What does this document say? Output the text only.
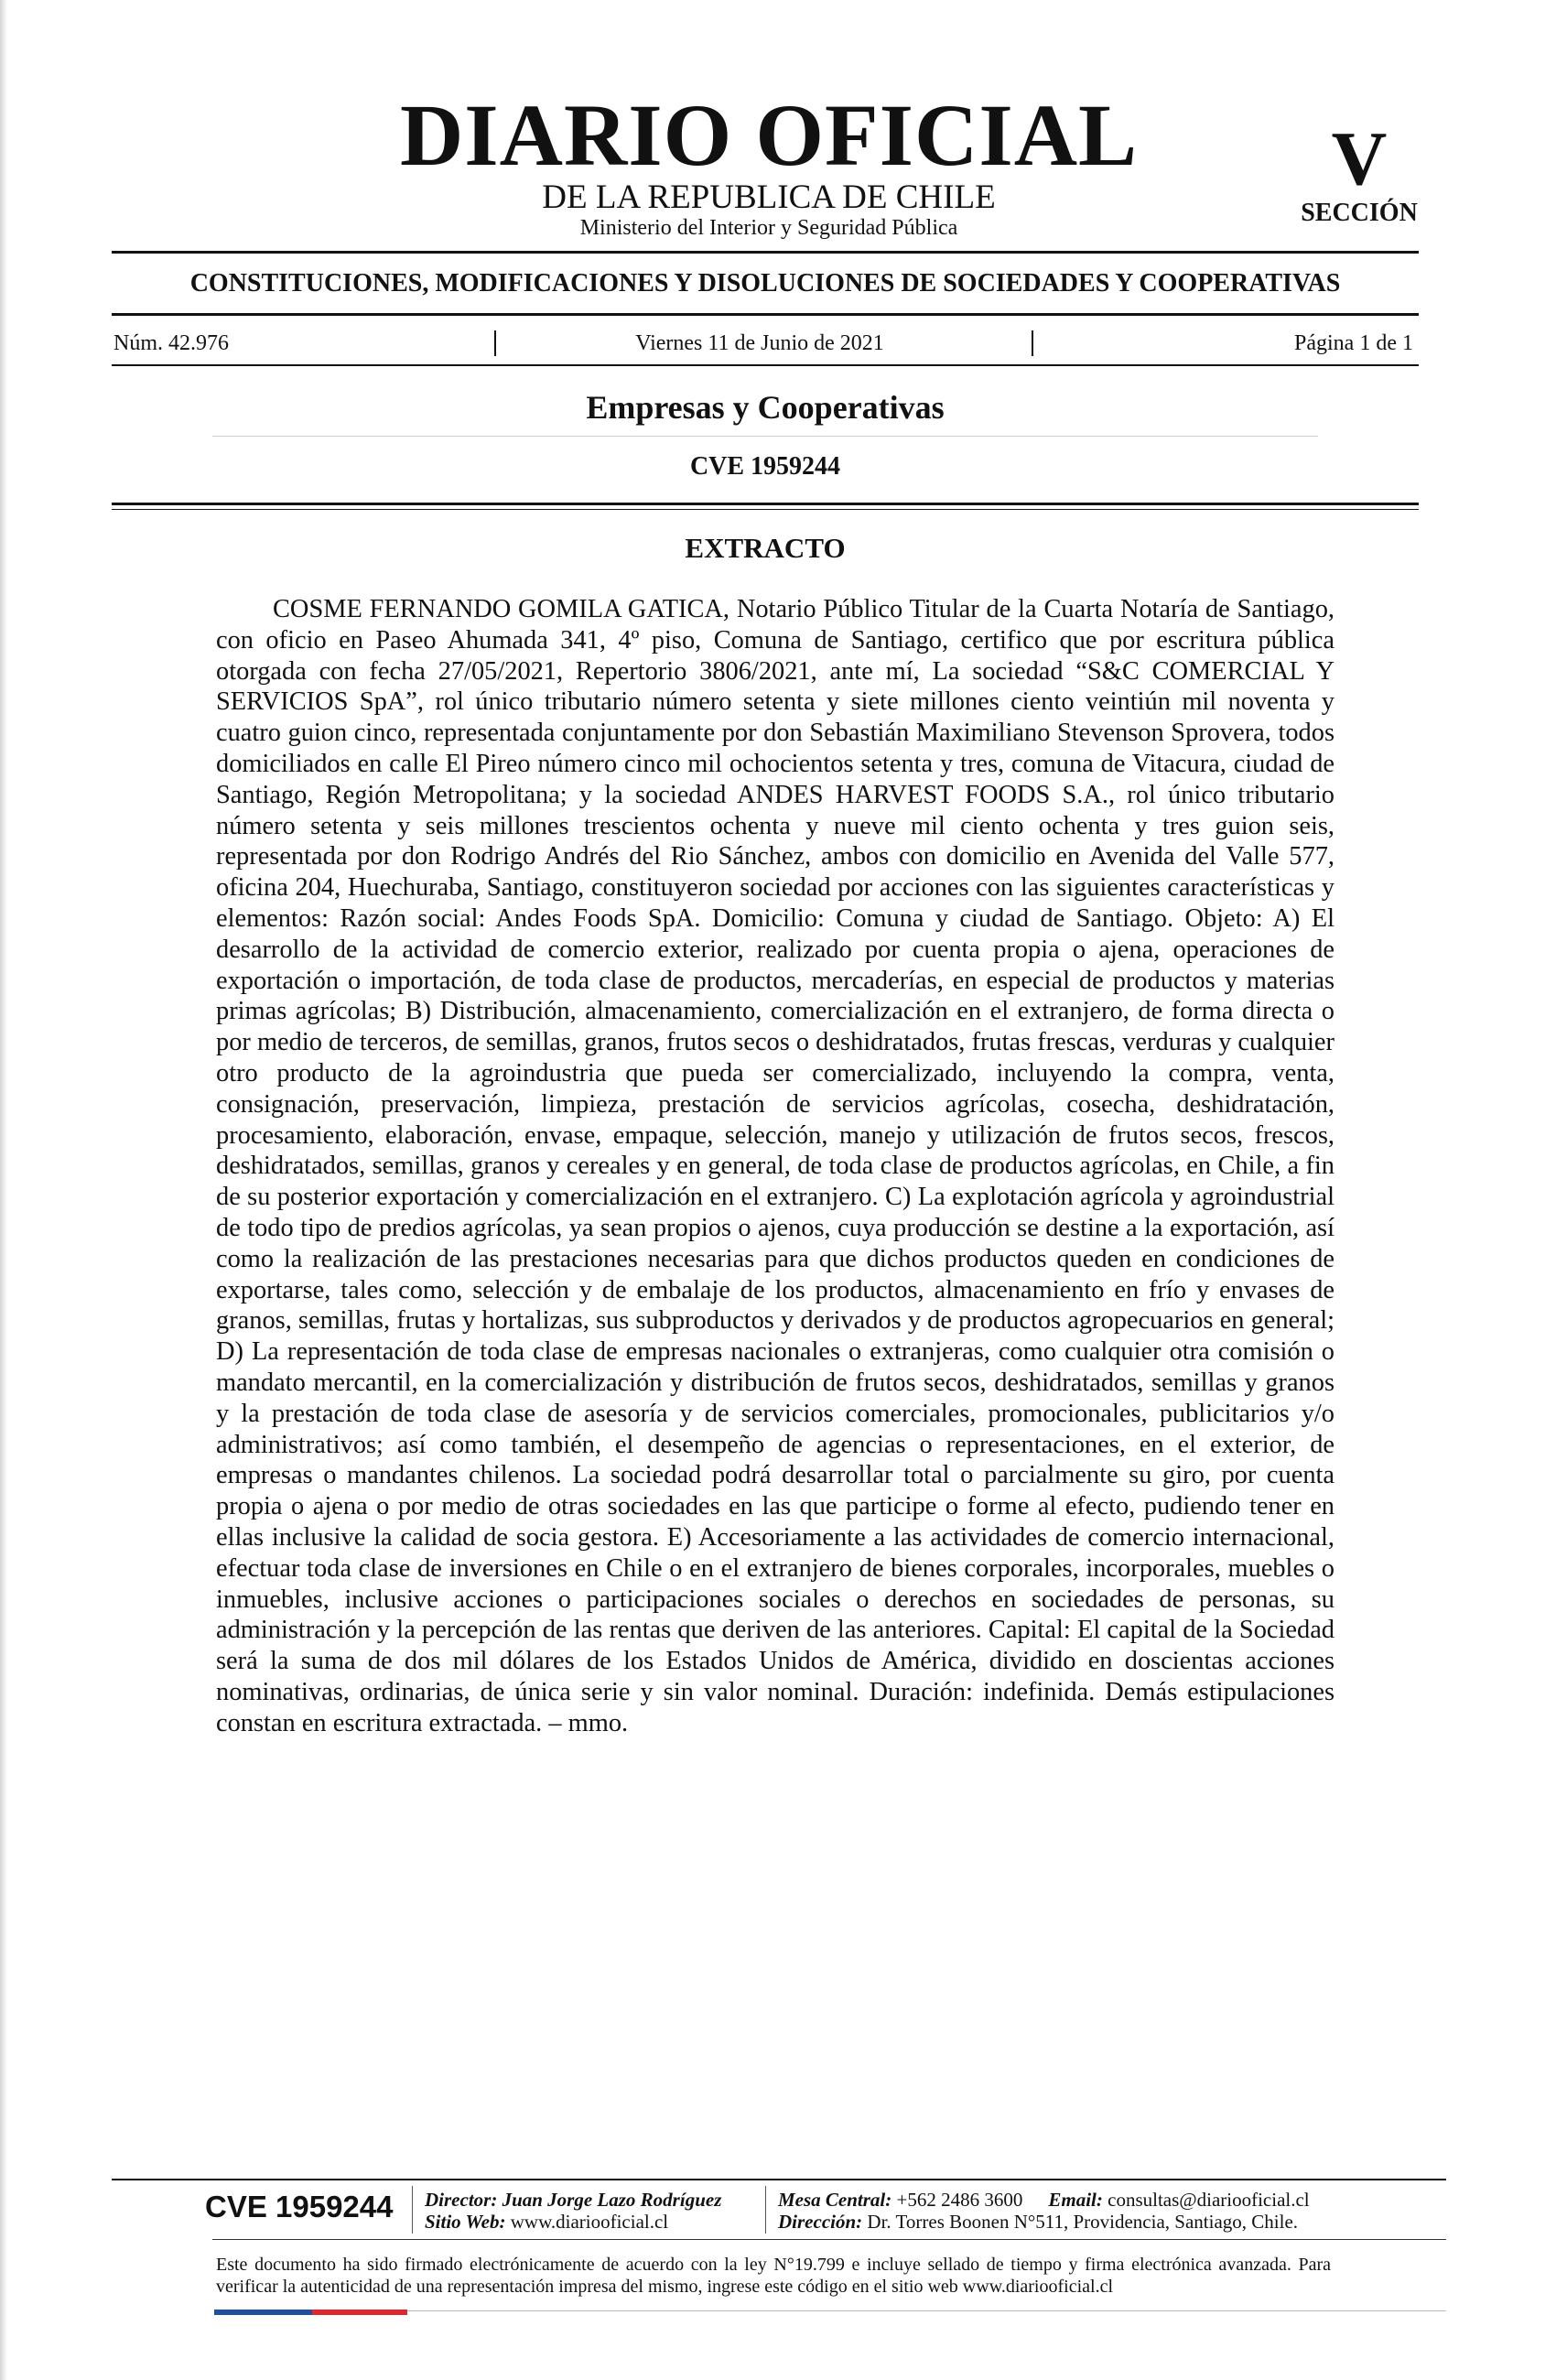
DIARIO OFICIAL
DE LA REPUBLICA DE CHILE
Ministerio del Interior y Seguridad Pública
V
SECCIÓN
CONSTITUCIONES, MODIFICACIONES Y DISOLUCIONES DE SOCIEDADES Y COOPERATIVAS
Núm. 42.976	Viernes 11 de Junio de 2021	Página 1 de 1
Empresas y Cooperativas
CVE 1959244
EXTRACTO

COSME FERNANDO GOMILA GATICA, Notario Público Titular de la Cuarta Notaría de Santiago, con oficio en Paseo Ahumada 341, 4º piso, Comuna de Santiago, certifico que por escritura pública otorgada con fecha 27/05/2021, Repertorio 3806/2021, ante mí, La sociedad “S&C COMERCIAL Y SERVICIOS SpA”, rol único tributario número setenta y siete millones ciento veintiún mil noventa y cuatro guion cinco, representada conjuntamente por don Sebastián Maximiliano Stevenson Sprovera, todos domiciliados en calle El Pireo número cinco mil ochocientos setenta y tres, comuna de Vitacura, ciudad de Santiago, Región Metropolitana; y la sociedad ANDES HARVEST FOODS S.A., rol único tributario número setenta y seis millones trescientos ochenta y nueve mil ciento ochenta y tres guion seis, representada por don Rodrigo Andrés del Rio Sánchez, ambos con domicilio en Avenida del Valle 577, oficina 204, Huechuraba, Santiago, constituyeron sociedad por acciones con las siguientes características y elementos: Razón social: Andes Foods SpA. Domicilio: Comuna y ciudad de Santiago. Objeto: A) El desarrollo de la actividad de comercio exterior, realizado por cuenta propia o ajena, operaciones de exportación o importación, de toda clase de productos, mercaderías, en especial de productos y materias primas agrícolas; B) Distribución, almacenamiento, comercialización en el extranjero, de forma directa o por medio de terceros, de semillas, granos, frutos secos o deshidratados, frutas frescas, verduras y cualquier otro producto de la agroindustria que pueda ser comercializado, incluyendo la compra, venta, consignación, preservación, limpieza, prestación de servicios agrícolas, cosecha, deshidratación, procesamiento, elaboración, envase, empaque, selección, manejo y utilización de frutos secos, frescos, deshidratados, semillas, granos y cereales y en general, de toda clase de productos agrícolas, en Chile, a fin de su posterior exportación y comercialización en el extranjero. C) La explotación agrícola y agroindustrial de todo tipo de predios agrícolas, ya sean propios o ajenos, cuya producción se destine a la exportación, así como la realización de las prestaciones necesarias para que dichos productos queden en condiciones de exportarse, tales como, selección y de embalaje de los productos, almacenamiento en frío y envases de granos, semillas, frutas y hortalizas, sus subproductos y derivados y de productos agropecuarios en general; D) La representación de toda clase de empresas nacionales o extranjeras, como cualquier otra comisión o mandato mercantil, en la comercialización y distribución de frutos secos, deshidratados, semillas y granos y la prestación de toda clase de asesoría y de servicios comerciales, promocionales, publicitarios y/o administrativos; así como también, el desempeño de agencias o representaciones, en el exterior, de empresas o mandantes chilenos. La sociedad podrá desarrollar total o parcialmente su giro, por cuenta propia o ajena o por medio de otras sociedades en las que participe o forme al efecto, pudiendo tener en ellas inclusive la calidad de socia gestora. E) Accesoriamente a las actividades de comercio internacional, efectuar toda clase de inversiones en Chile o en el extranjero de bienes corporales, incorporales, muebles o inmuebles, inclusive acciones o participaciones sociales o derechos en sociedades de personas, su administración y la percepción de las rentas que deriven de las anteriores. Capital: El capital de la Sociedad será la suma de dos mil dólares de los Estados Unidos de América, dividido en doscientas acciones nominativas, ordinarias, de única serie y sin valor nominal. Duración: indefinida. Demás estipulaciones constan en escritura extractada. – mmo.

CVE 1959244	Director: Juan Jorge Lazo Rodríguez
Sitio Web: www.diariooficial.cl
Mesa Central: +562 2486 3600 Email: consultas@diariooficial.cl
Dirección: Dr. Torres Boonen N°511, Providencia, Santiago, Chile.

Este documento ha sido firmado electrónicamente de acuerdo con la ley N°19.799 e incluye sellado de tiempo y firma electrónica avanzada. Para verificar la autenticidad de una representación impresa del mismo, ingrese este código en el sitio web www.diariooficial.cl
